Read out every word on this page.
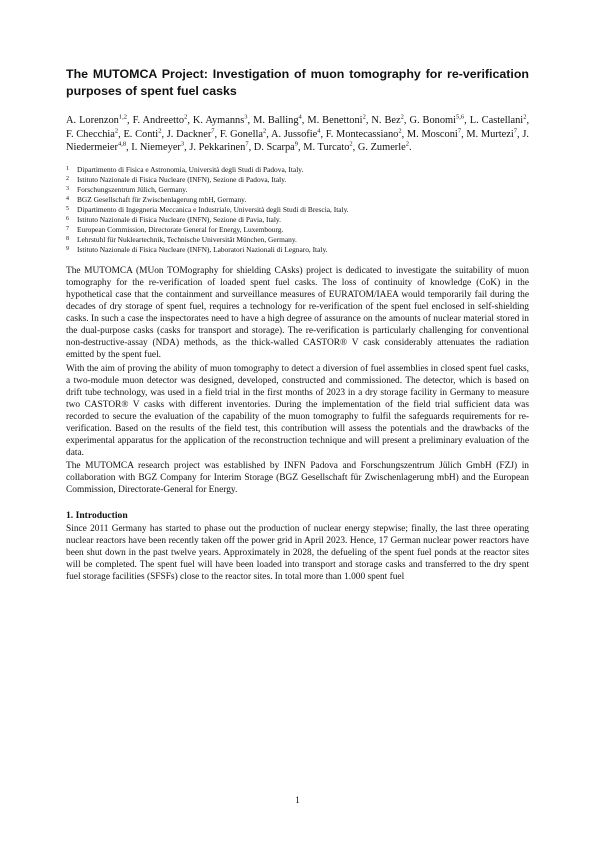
The MUTOMCA Project: Investigation of muon tomography for re-verification purposes of spent fuel casks

A. Lorenzon$^{1,2}$, F. Andreetto$^2$, K. Aymanns$^3$, M. Balling$^4$, M. Benettoni$^2$, N. Bez$^2$, G. Bonomi$^{5,6}$, L. Castellani$^2$, F. Checchia$^2$, E. Conti$^2$, J. Dackner$^7$, F. Gonella$^2$, A. Jussofie$^4$, F. Montecassiano$^2$, M. Mosconi$^7$, M. Murtezi$^7$, J. Niedermeier$^{4,8}$, I. Niemeyer$^3$, J. Pekkarinen$^7$, D. Scarpa$^9$, M. Turcato$^2$, G. Zumerle$^2$.

1	Dipartimento di Fisica e Astronomia, Università degli Studi di Padova, Italy.
2	Istituto Nazionale di Fisica Nucleare (INFN), Sezione di Padova, Italy.
3	Forschungszentrum Jülich, Germany.
4	BGZ Gesellschaft für Zwischenlagerung mbH, Germany.
5	Dipartimento di Ingegneria Meccanica e Industriale, Università degli Studi di Brescia, Italy.
6	Istituto Nazionale di Fisica Nucleare (INFN), Sezione di Pavia, Italy.
7	European Commission, Directorate General for Energy, Luxembourg.
8	Lehrstuhl für Nukleartechnik, Technische Universität München, Germany.
9	Istituto Nazionale di Fisica Nucleare (INFN), Laboratori Nazionali di Legnaro, Italy.

The MUTOMCA (MUon TOMography for shielding CAsks) project is dedicated to investigate the suitability of muon tomography for the re-verification of loaded spent fuel casks. The loss of continuity of knowledge (CoK) in the hypothetical case that the containment and surveillance measures of EURATOM/IAEA would temporarily fail during the decades of dry storage of spent fuel, requires a technology for re-verification of the spent fuel enclosed in self-shielding casks. In such a case the inspectorates need to have a high degree of assurance on the amounts of nuclear material stored in the dual-purpose casks (casks for transport and storage). The re-verification is particularly challenging for conventional non-destructive-assay (NDA) methods, as the thick-walled CASTOR® V cask considerably attenuates the radiation emitted by the spent fuel.

With the aim of proving the ability of muon tomography to detect a diversion of fuel assemblies in closed spent fuel casks, a two-module muon detector was designed, developed, constructed and commissioned. The detector, which is based on drift tube technology, was used in a field trial in the first months of 2023 in a dry storage facility in Germany to measure two CASTOR® V casks with different inventories. During the implementation of the field trial sufficient data was recorded to secure the evaluation of the capability of the muon tomography to fulfil the safeguards requirements for re-verification. Based on the results of the field test, this contribution will assess the potentials and the drawbacks of the experimental apparatus for the application of the reconstruction technique and will present a preliminary evaluation of the data.

The MUTOMCA research project was established by INFN Padova and Forschungszentrum Jülich GmbH (FZJ) in collaboration with BGZ Company for Interim Storage (BGZ Gesellschaft für Zwischenlagerung mbH) and the European Commission, Directorate-General for Energy.

1. Introduction

Since 2011 Germany has started to phase out the production of nuclear energy stepwise; finally, the last three operating nuclear reactors have been recently taken off the power grid in April 2023. Hence, 17 German nuclear power reactors have been shut down in the past twelve years. Approximately in 2028, the defueling of the spent fuel ponds at the reactor sites will be completed. The spent fuel will have been loaded into transport and storage casks and transferred to the dry spent fuel storage facilities (SFSFs) close to the reactor sites. In total more than 1.000 spent fuel

1
